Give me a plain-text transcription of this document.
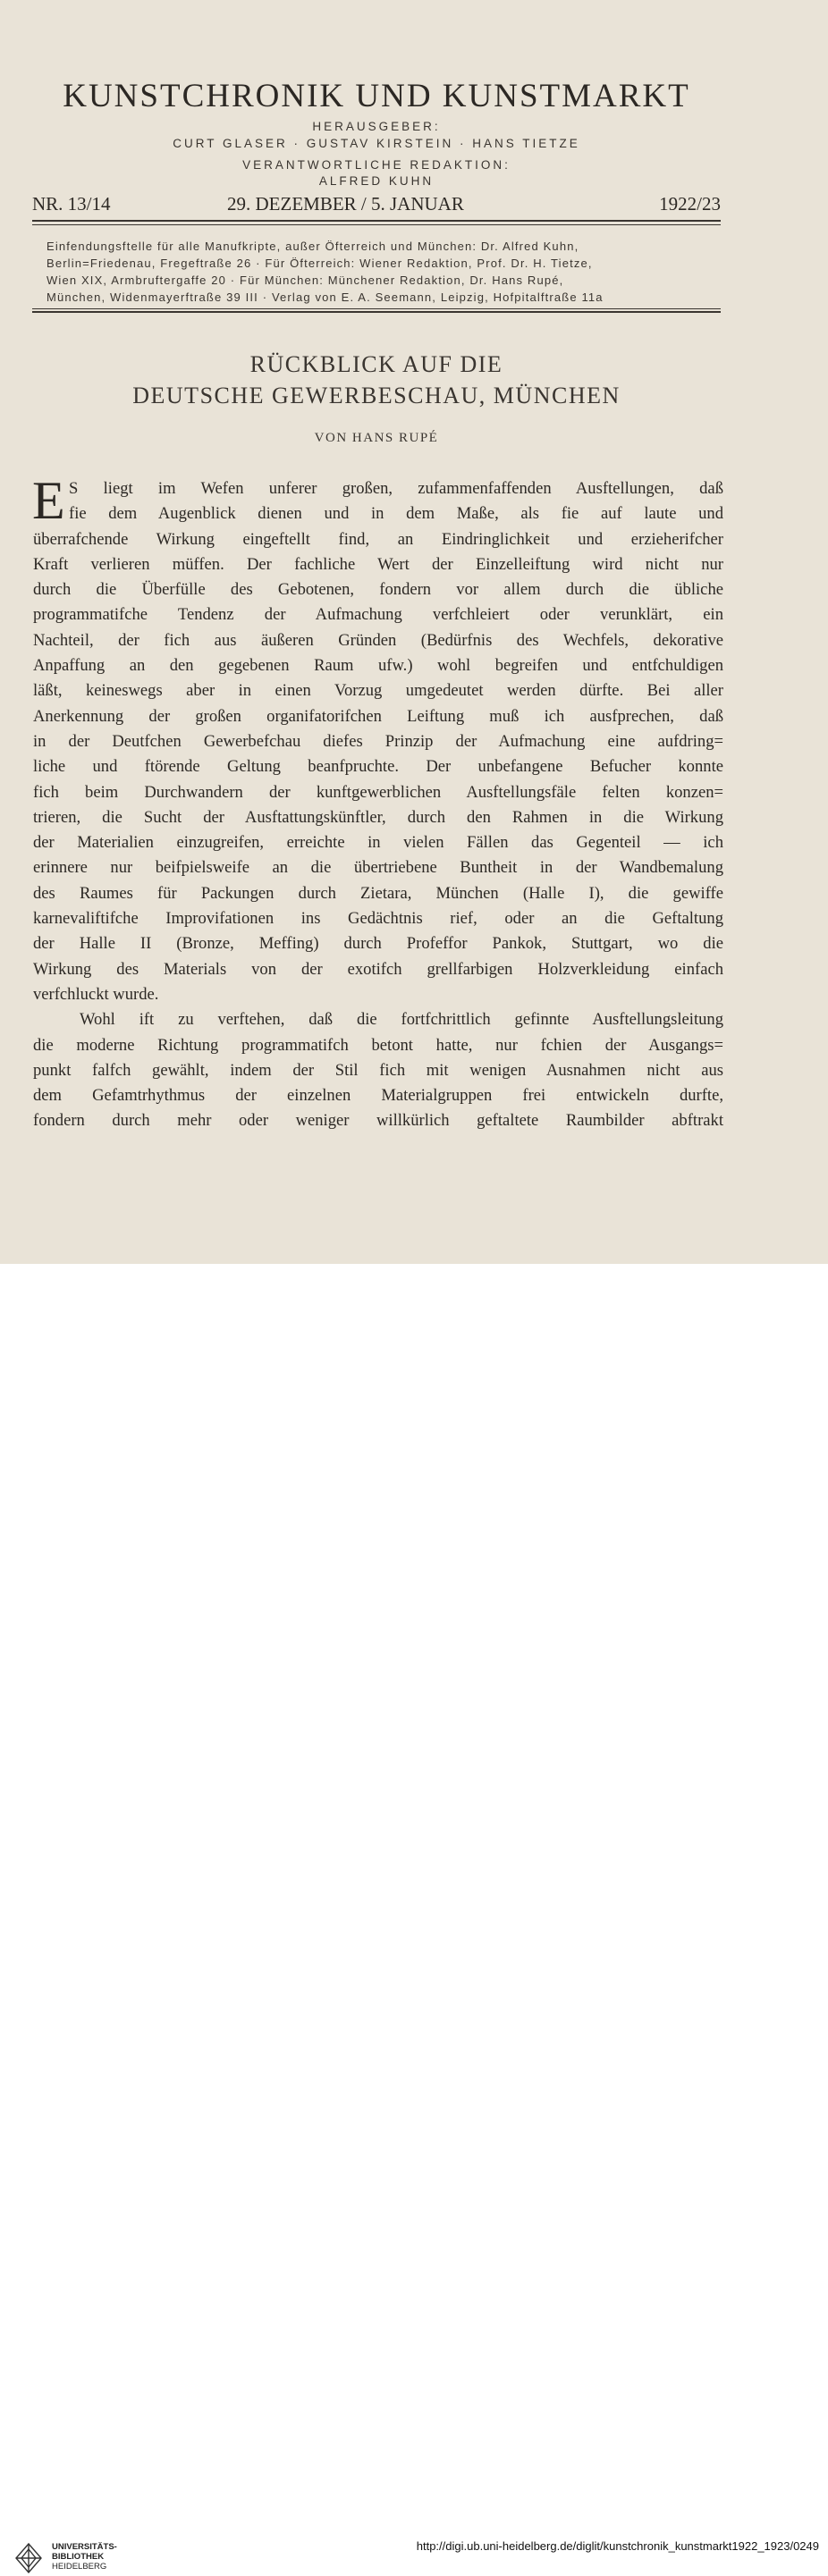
KUNSTCHRONIK UND KUNSTMARKT
HERAUSGEBER:
CURT GLASER · GUSTAV KIRSTEIN · HANS TIETZE
VERANTWORTLICHE REDAKTION:
ALFRED KUHN
NR. 13/14	29. DEZEMBER / 5. JANUAR	1922/23
Einfendungsftelle für alle Manufkripte, außer Öfterreich und München: Dr. Alfred Kuhn,
Berlin=Friedenau, Fregeftraße 26 · Für Öfterreich: Wiener Redaktion, Prof. Dr. H. Tietze,
Wien XIX, Armbruftergaffe 20 · Für München: Münchener Redaktion, Dr. Hans Rupé,
München, Widenmayerftraße 39 III · Verlag von E. A. Seemann, Leipzig, Hofpitalftraße 11a
RÜCKBLICK AUF DIE
DEUTSCHE GEWERBESCHAU, MÜNCHEN
VON HANS RUPÉ
E S liegt im Wefen unferer großen, zufammenfaffenden Ausftellungen, daß
fie dem Augenblick dienen und in dem Maße, als fie auf laute und
überrafchende Wirkung eingeftellt find, an Eindringlichkeit und erzieherifcher
Kraft verlieren müffen. Der fachliche Wert der Einzelleiftung wird nicht nur
durch die Überfülle des Gebotenen, fondern vor allem durch die übliche
programmatifche Tendenz der Aufmachung verfchleiert oder verunklärt, ein
Nachteil, der fich aus äußeren Gründen (Bedürfnis des Wechfels, dekorative
Anpaffung an den gegebenen Raum ufw.) wohl begreifen und entfchuldigen
läßt, keineswegs aber in einen Vorzug umgedeutet werden dürfte. Bei aller
Anerkennung der großen organifatorifchen Leiftung muß ich ausfprechen, daß
in der Deutfchen Gewerbefchau diefes Prinzip der Aufmachung eine aufdring=
liche und ftörende Geltung beanfpruchte. Der unbefangene Befucher konnte
fich beim Durchwandern der kunftgewerblichen Ausftellungsfäle felten konzen=
trieren, die Sucht der Ausftattungskünftler, durch den Rahmen in die Wirkung
der Materialien einzugreifen, erreichte in vielen Fällen das Gegenteil — ich
erinnere nur beifpielsweife an die übertriebene Buntheit in der Wandbemalung
des Raumes für Packungen durch Zietara, München (Halle I), die gewiffe
karnevaliftifche Improvifationen ins Gedächtnis rief, oder an die Geftaltung
der Halle II (Bronze, Meffing) durch Profeffor Pankok, Stuttgart, wo die
Wirkung des Materials von der exotifch grellfarbigen Holzverkleidung einfach
verfchluckt wurde.
Wohl ift zu verftehen, daß die fortfchrittlich gefinnte Ausftellungsleitung
die moderne Richtung programmatifch betont hatte, nur fchien der Ausgangs=
punkt falfch gewählt, indem der Stil fich mit wenigen Ausnahmen nicht aus
dem Gefamtrhythmus der einzelnen Materialgruppen frei entwickeln durfte,
fondern durch mehr oder weniger willkürlich geftaltete Raumbilder abftrakt
UNIVERSITÄTS-
BIBLIOTHEK
HEIDELBERG
http://digi.ub.uni-heidelberg.de/diglit/kunstchronik_kunstmarkt1922_1923/0249
